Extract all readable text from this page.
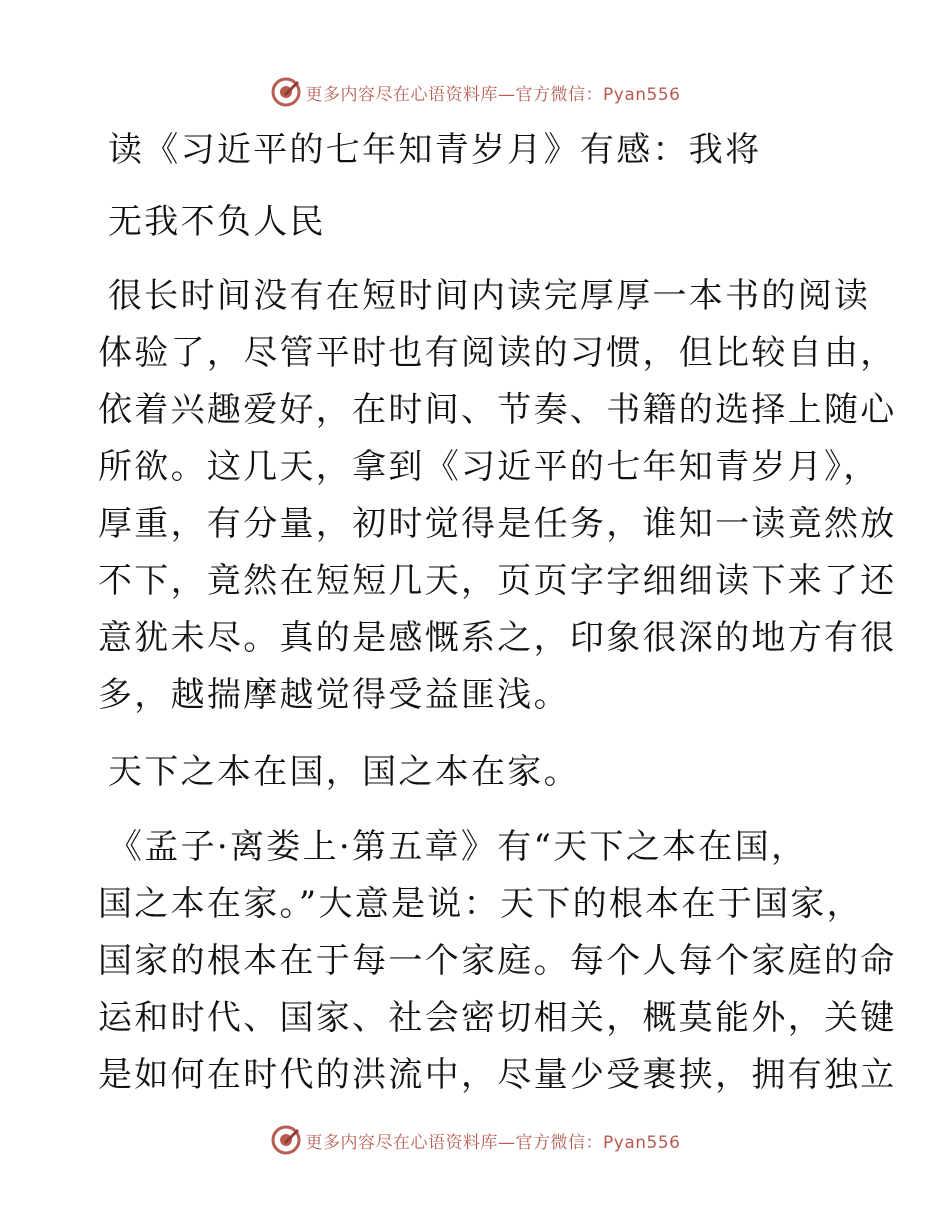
更多内容尽在心语资料库—官方微信：Pyan556
读《习近平的七年知青岁月》有感：我将
无我不负人民
很长时间没有在短时间内读完厚厚一本书的阅读
体验了，尽管平时也有阅读的习惯，但比较自由，
依着兴趣爱好，在时间、节奏、书籍的选择上随心
所欲。这几天，拿到《习近平的七年知青岁月》，
厚重，有分量，初时觉得是任务，谁知一读竟然放
不下，竟然在短短几天，页页字字细细读下来了还
意犹未尽。真的是感慨系之，印象很深的地方有很
多，越揣摩越觉得受益匪浅。
天下之本在国，国之本在家。
《孟子·离娄上·第五章》有“天下之本在国，
国之本在家。”大意是说：天下的根本在于国家，
国家的根本在于每一个家庭。每个人每个家庭的命
运和时代、国家、社会密切相关，概莫能外，关键
是如何在时代的洪流中，尽量少受裹挟，拥有独立
更多内容尽在心语资料库—官方微信：Pyan556
